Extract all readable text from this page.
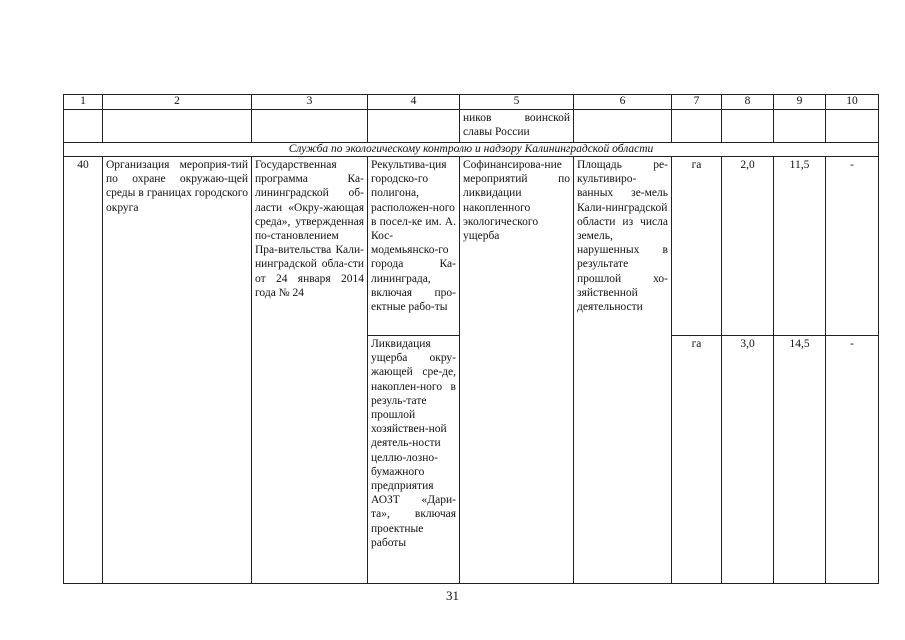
1	2	3	4	5	6	7	8	9	10
				ников воинской славы России					
Служба по экологическому контролю и надзору Калининградской области									
40	Организация мероприя-тий по охране окружаю-щей среды в границах городского округа	Государственная программа Ка-лининградской об-ласти «Окру-жающая среда», утвержденная по-становлением Пра-вительства Кали-нинградской обла-сти от 24 января 2014 года № 24	Рекультива-ция городско-го полигона, расположен-ного в посел-ке им. А. Кос-модемьянско-го города Ка-лининграда, включая про-ектные рабо-ты	Софинансирова-ние мероприятий по ликвидации накопленного экологического ущерба	Площадь ре-культивиро-ванных зе-мель Кали-нинградской области из числа земель, нарушенных в результате прошлой хо-зяйственной деятельности	га	2,0	11,5	-
			Ликвидация ущерба окру-жающей сре-де, накоплен-ного в резуль-тате прошлой хозяйствен-ной деятель-ности целлю-лозно-бумажного предприятия АОЗТ «Дари-та», включая проектные работы			га	3,0	14,5	-
31
